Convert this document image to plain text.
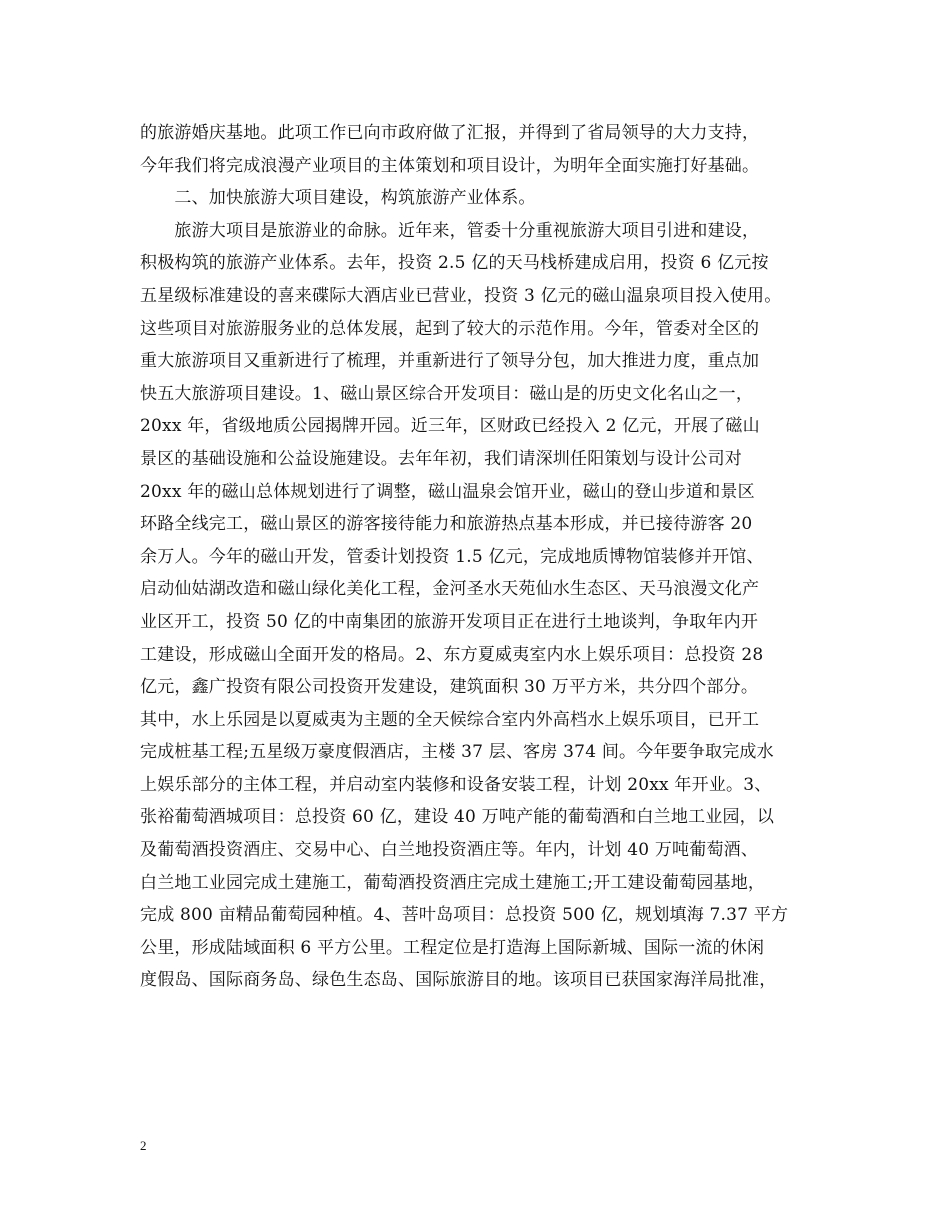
的旅游婚庆基地。此项工作已向市政府做了汇报，并得到了省局领导的大力支持，
今年我们将完成浪漫产业项目的主体策划和项目设计，为明年全面实施打好基础。
　　二、加快旅游大项目建设，构筑旅游产业体系。
　　旅游大项目是旅游业的命脉。近年来，管委十分重视旅游大项目引进和建设，
积极构筑的旅游产业体系。去年，投资 2.5 亿的天马栈桥建成启用，投资 6 亿元按
五星级标准建设的喜来碟际大酒店业已营业，投资 3 亿元的磁山温泉项目投入使用。
这些项目对旅游服务业的总体发展，起到了较大的示范作用。今年，管委对全区的
重大旅游项目又重新进行了梳理，并重新进行了领导分包，加大推进力度，重点加
快五大旅游项目建设。1、磁山景区综合开发项目：磁山是的历史文化名山之一，
20xx 年，省级地质公园揭牌开园。近三年，区财政已经投入 2 亿元，开展了磁山
景区的基础设施和公益设施建设。去年年初，我们请深圳任阳策划与设计公司对
20xx 年的磁山总体规划进行了调整，磁山温泉会馆开业，磁山的登山步道和景区
环路全线完工，磁山景区的游客接待能力和旅游热点基本形成，并已接待游客 20
余万人。今年的磁山开发，管委计划投资 1.5 亿元，完成地质博物馆装修并开馆、
启动仙姑湖改造和磁山绿化美化工程，金河圣水天苑仙水生态区、天马浪漫文化产
业区开工，投资 50 亿的中南集团的旅游开发项目正在进行土地谈判，争取年内开
工建设，形成磁山全面开发的格局。2、东方夏威夷室内水上娱乐项目：总投资 28
亿元，鑫广投资有限公司投资开发建设，建筑面积 30 万平方米，共分四个部分。
其中，水上乐园是以夏威夷为主题的全天候综合室内外高档水上娱乐项目，已开工
完成桩基工程;五星级万豪度假酒店，主楼 37 层、客房 374 间。今年要争取完成水
上娱乐部分的主体工程，并启动室内装修和设备安装工程，计划 20xx 年开业。3、
张裕葡萄酒城项目：总投资 60 亿，建设 40 万吨产能的葡萄酒和白兰地工业园，以
及葡萄酒投资酒庄、交易中心、白兰地投资酒庄等。年内，计划 40 万吨葡萄酒、
白兰地工业园完成土建施工，葡萄酒投资酒庄完成土建施工;开工建设葡萄园基地，
完成 800 亩精品葡萄园种植。4、菩叶岛项目：总投资 500 亿，规划填海 7.37 平方
公里，形成陆域面积 6 平方公里。工程定位是打造海上国际新城、国际一流的休闲
度假岛、国际商务岛、绿色生态岛、国际旅游目的地。该项目已获国家海洋局批准，
2
